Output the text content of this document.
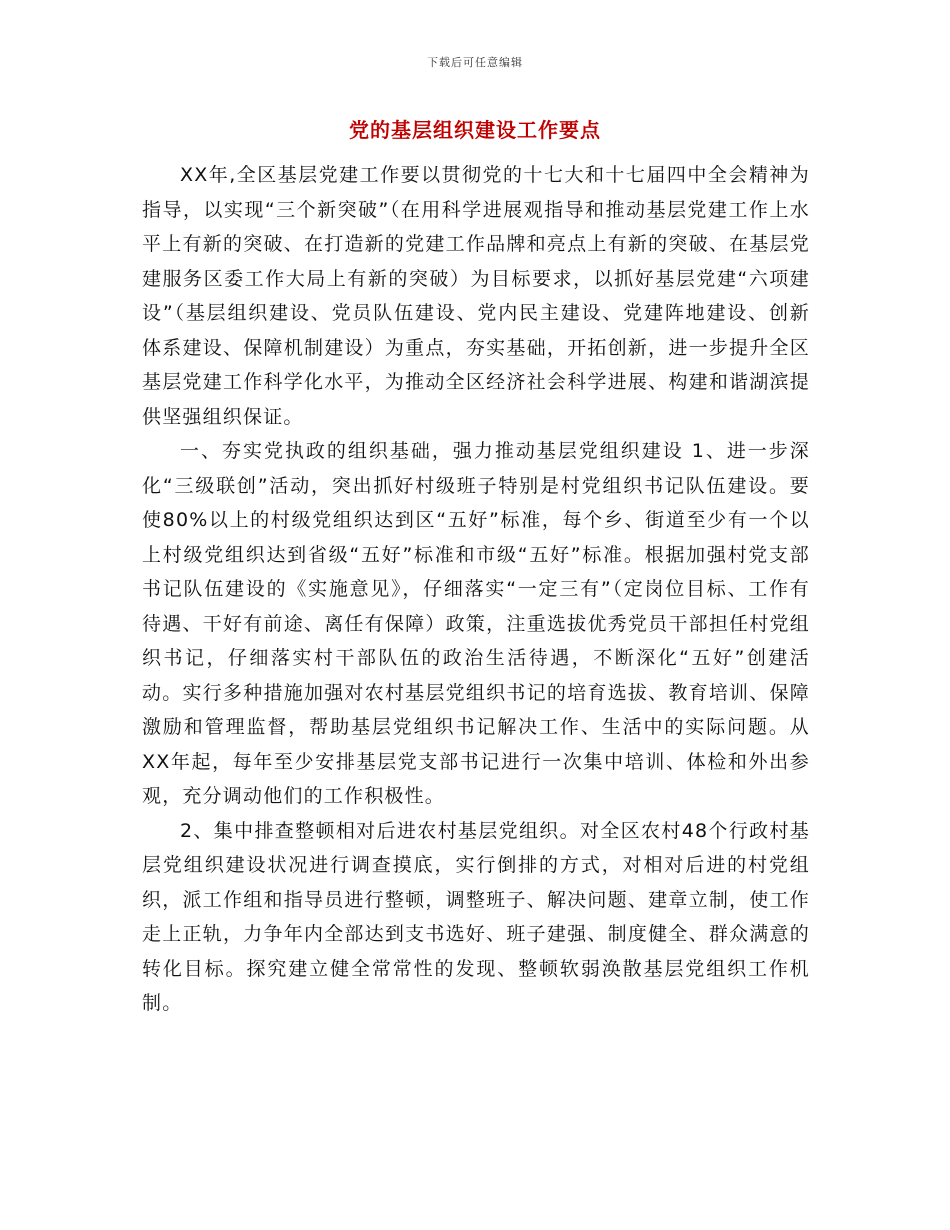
下载后可任意编辑
党的基层组织建设工作要点

XX年,全区基层党建工作要以贯彻党的十七大和十七届四中全会精神为指导，以实现“三个新突破”（在用科学进展观指导和推动基层党建工作上水平上有新的突破、在打造新的党建工作品牌和亮点上有新的突破、在基层党建服务区委工作大局上有新的突破）为目标要求，以抓好基层党建“六项建设”（基层组织建设、党员队伍建设、党内民主建设、党建阵地建设、创新体系建设、保障机制建设）为重点，夯实基础，开拓创新，进一步提升全区基层党建工作科学化水平，为推动全区经济社会科学进展、构建和谐湖滨提供坚强组织保证。

一、夯实党执政的组织基础，强力推动基层党组织建设 1、进一步深化“三级联创”活动，突出抓好村级班子特别是村党组织书记队伍建设。要使80%以上的村级党组织达到区“五好”标准，每个乡、街道至少有一个以上村级党组织达到省级“五好”标准和市级“五好”标准。根据加强村党支部书记队伍建设的《实施意见》，仔细落实“一定三有”（定岗位目标、工作有待遇、干好有前途、离任有保障）政策，注重选拔优秀党员干部担任村党组织书记，仔细落实村干部队伍的政治生活待遇，不断深化“五好”创建活动。实行多种措施加强对农村基层党组织书记的培育选拔、教育培训、保障激励和管理监督，帮助基层党组织书记解决工作、生活中的实际问题。从XX年起，每年至少安排基层党支部书记进行一次集中培训、体检和外出参观，充分调动他们的工作积极性。

2、集中排查整顿相对后进农村基层党组织。对全区农村48个行政村基层党组织建设状况进行调查摸底，实行倒排的方式，对相对后进的村党组织，派工作组和指导员进行整顿，调整班子、解决问题、建章立制，使工作走上正轨，力争年内全部达到支书选好、班子建强、制度健全、群众满意的转化目标。探究建立健全常常性的发现、整顿软弱涣散基层党组织工作机制。
